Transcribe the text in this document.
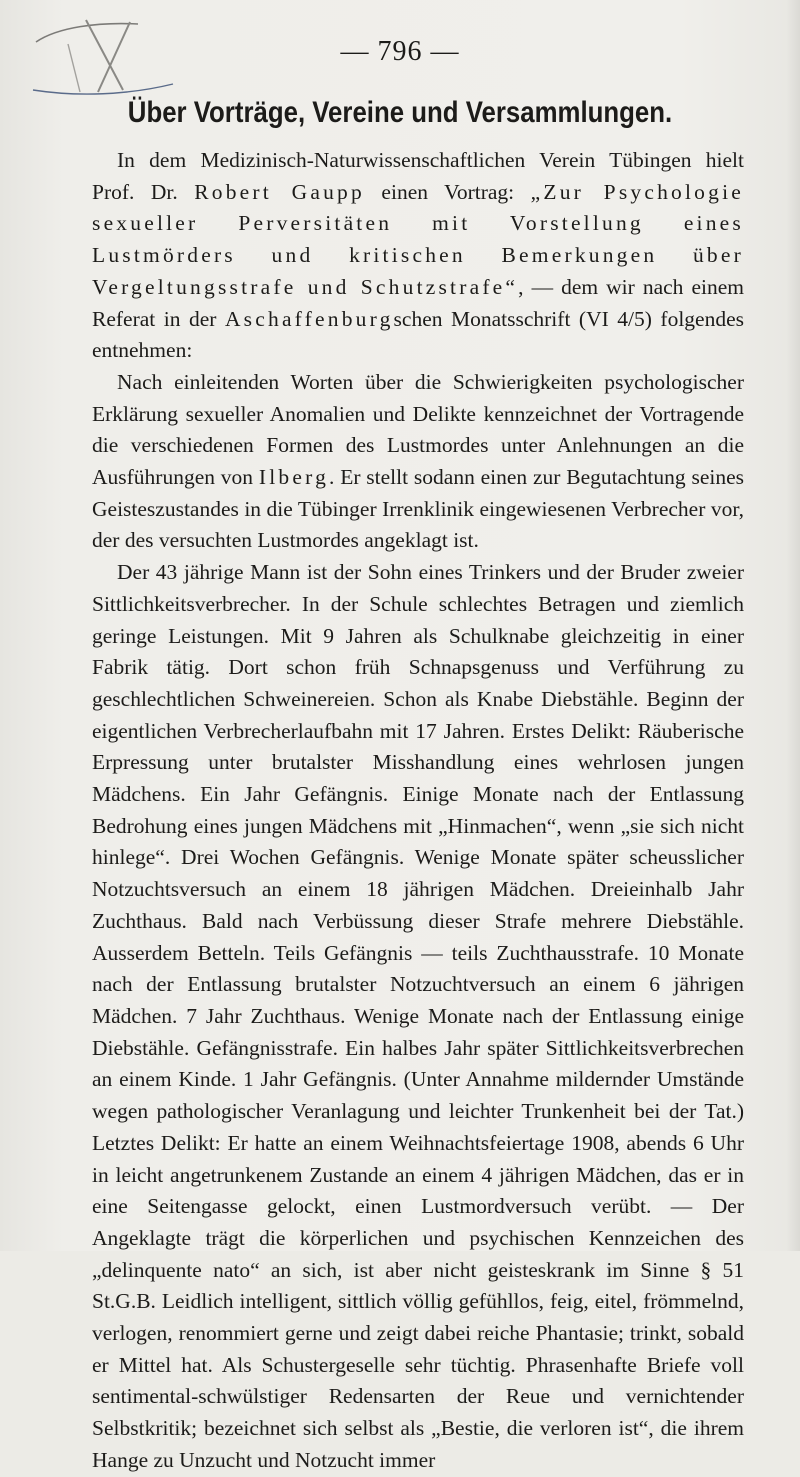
— 796 —
Über Vorträge, Vereine und Versammlungen.

In dem Medizinisch-Naturwissenschaftlichen Verein Tübingen hielt Prof. Dr. Robert Gaupp einen Vortrag: „Zur Psychologie sexueller Perversitäten mit Vorstellung eines Lustmörders und kritischen Bemerkungen über Vergeltungsstrafe und Schutzstrafe“, — dem wir nach einem Referat in der Aschaffenburgschen Monatsschrift (VI 4/5) folgendes entnehmen:

Nach einleitenden Worten über die Schwierigkeiten psychologischer Erklärung sexueller Anomalien und Delikte kennzeichnet der Vortragende die verschiedenen Formen des Lustmordes unter Anlehnungen an die Ausführungen von Ilberg. Er stellt sodann einen zur Begutachtung seines Geisteszustandes in die Tübinger Irrenklinik eingewiesenen Verbrecher vor, der des versuchten Lustmordes angeklagt ist.

Der 43 jährige Mann ist der Sohn eines Trinkers und der Bruder zweier Sittlichkeitsverbrecher. In der Schule schlechtes Betragen und ziemlich geringe Leistungen. Mit 9 Jahren als Schulknabe gleichzeitig in einer Fabrik tätig. Dort schon früh Schnapsgenuss und Verführung zu geschlechtlichen Schweinereien. Schon als Knabe Diebstähle. Beginn der eigentlichen Verbrecherlaufbahn mit 17 Jahren. Erstes Delikt: Räuberische Erpressung unter brutalster Misshandlung eines wehrlosen jungen Mädchens. Ein Jahr Gefängnis. Einige Monate nach der Entlassung Bedrohung eines jungen Mädchens mit „Hinmachen“, wenn „sie sich nicht hinlege“. Drei Wochen Gefängnis. Wenige Monate später scheusslicher Notzuchtsversuch an einem 18 jährigen Mädchen. Dreieinhalb Jahr Zuchthaus. Bald nach Verbüssung dieser Strafe mehrere Diebstähle. Ausserdem Betteln. Teils Gefängnis — teils Zuchthausstrafe. 10 Monate nach der Entlassung brutalster Notzuchtversuch an einem 6 jährigen Mädchen. 7 Jahr Zuchthaus. Wenige Monate nach der Entlassung einige Diebstähle. Gefängnisstrafe. Ein halbes Jahr später Sittlichkeitsverbrechen an einem Kinde. 1 Jahr Gefängnis. (Unter Annahme mildernder Umstände wegen pathologischer Veranlagung und leichter Trunkenheit bei der Tat.) Letztes Delikt: Er hatte an einem Weihnachtsfeiertage 1908, abends 6 Uhr in leicht angetrunkenem Zustande an einem 4 jährigen Mädchen, das er in eine Seitengasse gelockt, einen Lustmordversuch verübt. — Der Angeklagte trägt die körperlichen und psychischen Kennzeichen des „delinquente nato“ an sich, ist aber nicht geisteskrank im Sinne § 51 St.G.B. Leidlich intelligent, sittlich völlig gefühllos, feig, eitel, frömmelnd, verlogen, renommiert gerne und zeigt dabei reiche Phantasie; trinkt, sobald er Mittel hat. Als Schustergeselle sehr tüchtig. Phrasenhafte Briefe voll sentimental-schwülstiger Redensarten der Reue und vernichtender Selbstkritik; bezeichnet sich selbst als „Bestie, die verloren ist“, die ihrem Hange zu Unzucht und Notzucht immer
